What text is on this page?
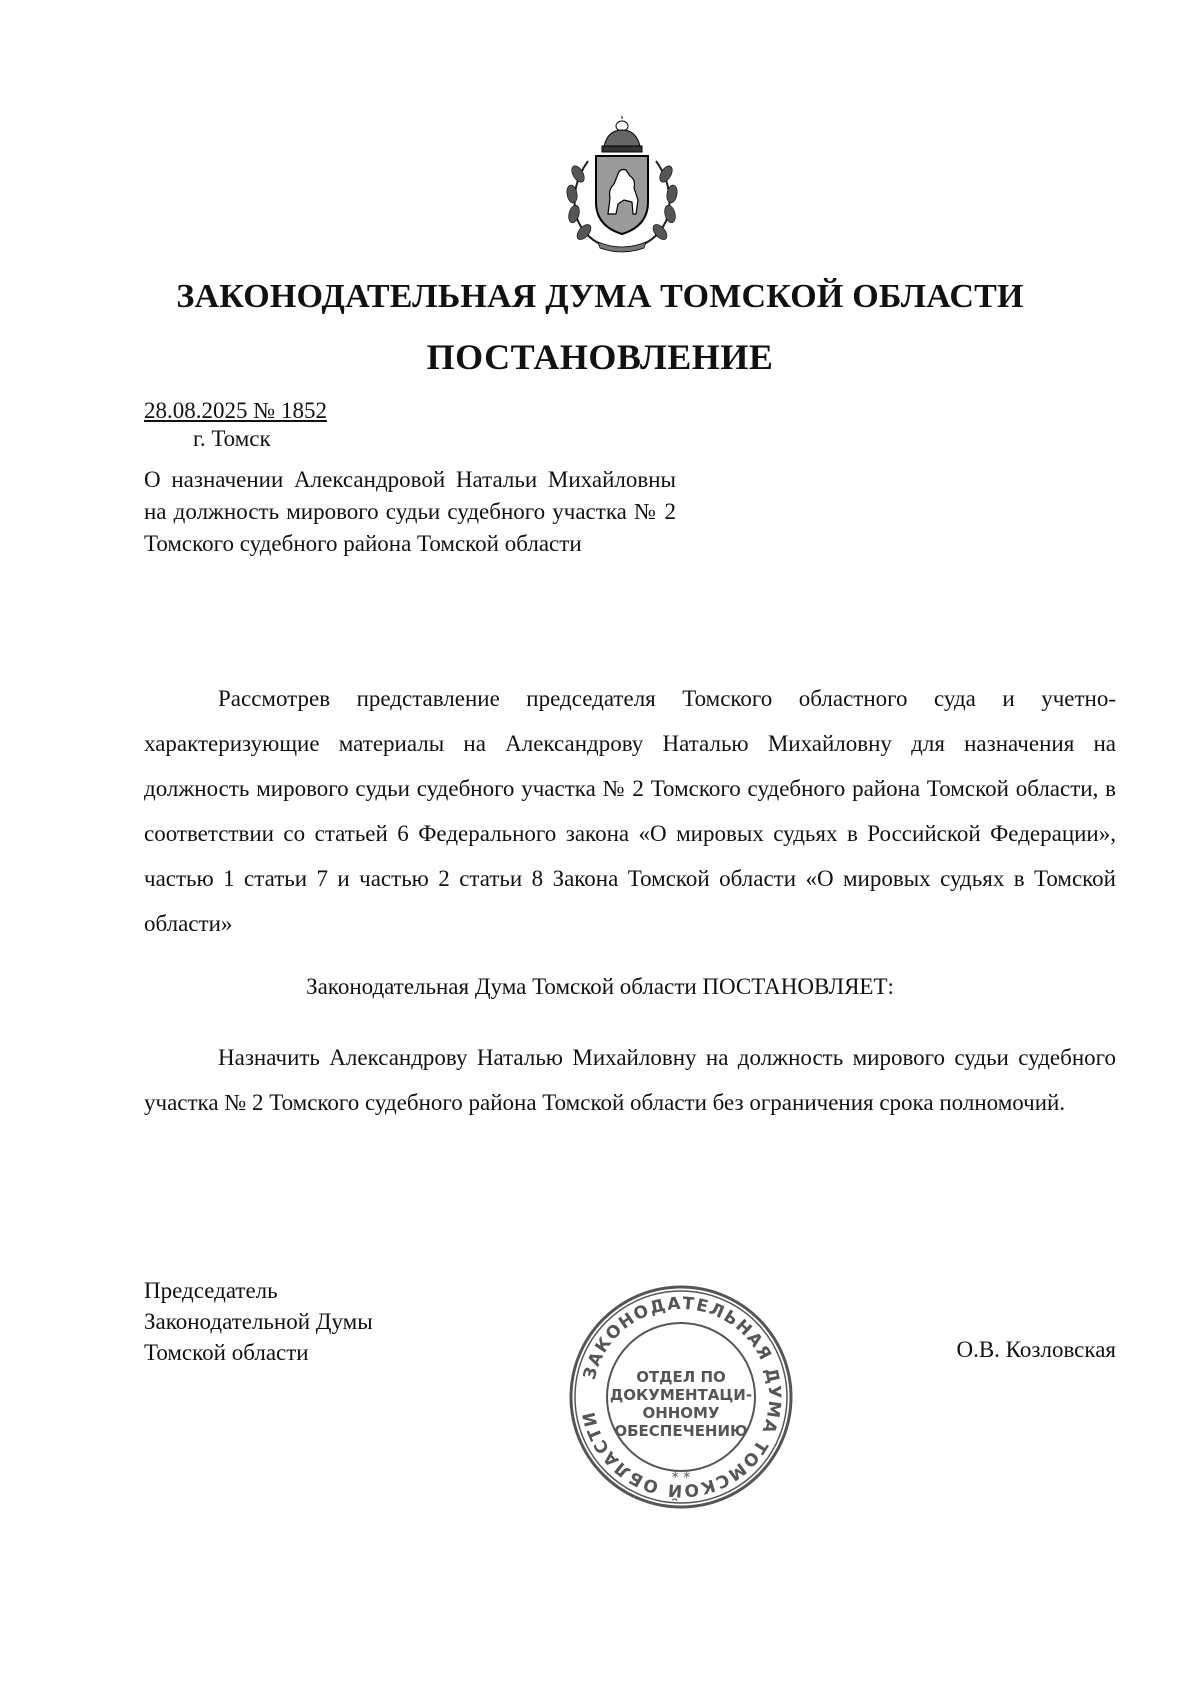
ЗАКОНОДАТЕЛЬНАЯ ДУМА ТОМСКОЙ ОБЛАСТИ
ПОСТАНОВЛЕНИЕ
28.08.2025 № 1852
г. Томск

О назначении Александровой Натальи Михайловны на должность мирового судьи судебного участка № 2 Томского судебного района Томской области

Рассмотрев представление председателя Томского областного суда и учетно-характеризующие материалы на Александрову Наталью Михайловну для назначения на должность мирового судьи судебного участка № 2 Томского судебного района Томской области, в соответствии со статьей 6 Федерального закона «О мировых судьях в Российской Федерации», частью 1 статьи 7 и частью 2 статьи 8 Закона Томской области «О мировых судьях в Томской области»

Законодательная Дума Томской области ПОСТАНОВЛЯЕТ:

Назначить Александрову Наталью Михайловну на должность мирового судьи судебного участка № 2 Томского судебного района Томской области без ограничения срока полномочий.

Председатель
Законодательной Думы
Томской области	О.В. Козловская
ЗАКОНОДАТЕЛЬНАЯ ДУМА ТОМСКОЙ ОБЛАСТИ
* *
ОТДЕЛ ПО
ДОКУМЕНТАЦИ-
ОННОМУ
ОБЕСПЕЧЕНИЮ
